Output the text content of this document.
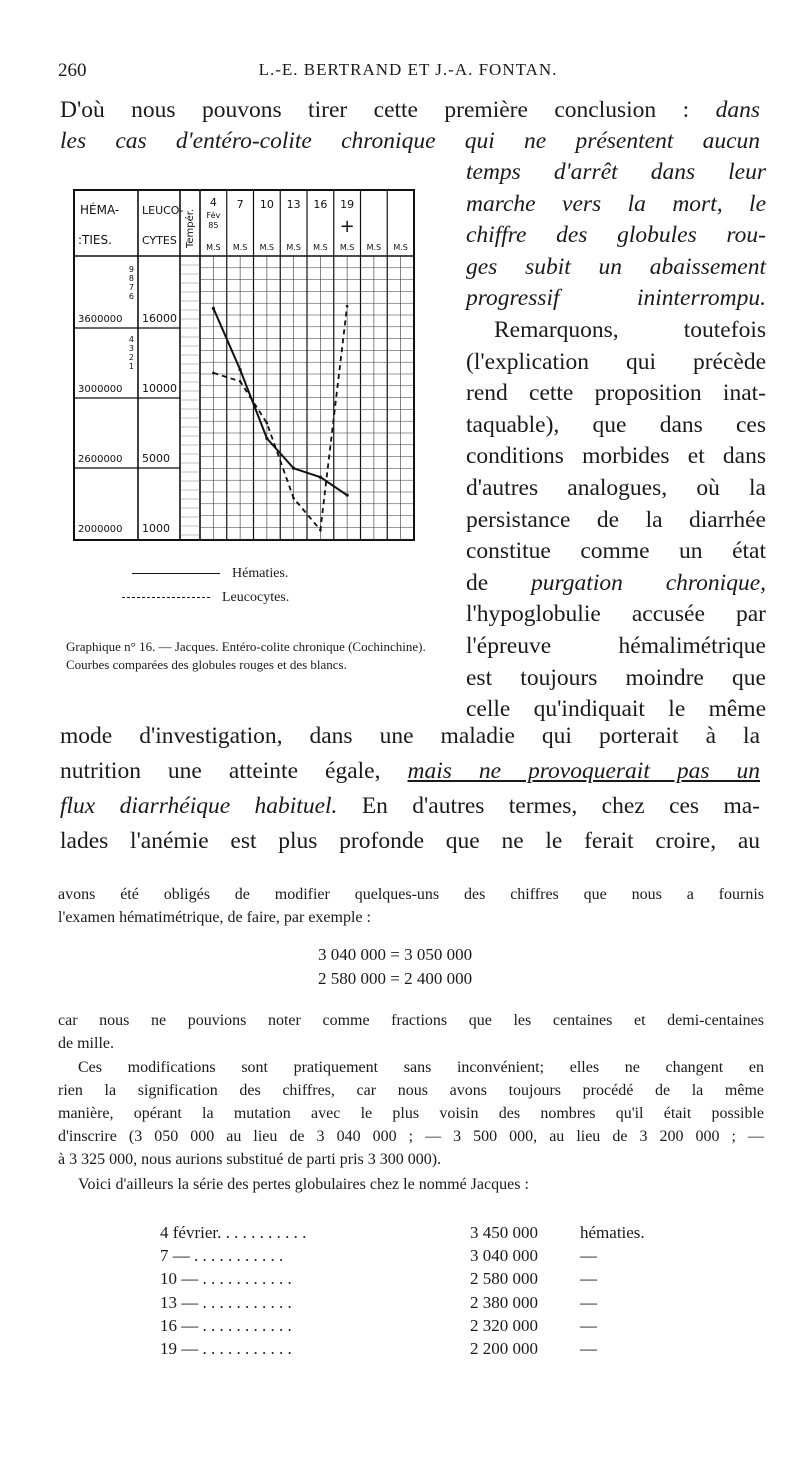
260	L.-E. BERTRAND ET J.-A. FONTAN.
D'où nous pouvons tirer cette première conclusion : dans
les cas d'entéro-colite chronique qui ne présentent aucun
HÉMA-
:TIES.
LEUCO-
CYTES Tempér.
4
Fév
85
7 10 13 16 19
+
M.S M.S M.S M.S M.S M.S M.S M.S
3600000
3000000
2600000
2000000
16000
10000
5000
1000
9
8
7
6
4
3
2
1
Hématies.
Leucocytes.
Graphique n° 16. — Jacques. Entéro-colite chronique (Cochinchine). Courbes comparées des globules rouges et des blancs.
temps d'arrêt dans leur
marche vers la mort, le
chiffre des globules rou-
ges subit un abaissement
progressif ininterrompu.
Remarquons, toutefois
(l'explication qui précède
rend cette proposition inat-
taquable), que dans ces
conditions morbides et dans
d'autres analogues, où la
persistance de la diarrhée
constitue comme un état
de purgation chronique,
l'hypoglobulie accusée par
l'épreuve hémalimétrique
est toujours moindre que
celle qu'indiquait le même
mode d'investigation, dans une maladie qui porterait à la
nutrition une atteinte égale, mais ne provoquerait pas un
flux diarrhéique habituel. En d'autres termes, chez ces ma-
lades l'anémie est plus profonde que ne le ferait croire, au
avons été obligés de modifier quelques-uns des chiffres que nous a fournis
l'examen hématimétrique, de faire, par exemple :
car nous ne pouvions noter comme fractions que les centaines et demi-centaines
de mille.
Ces modifications sont pratiquement sans inconvénient; elles ne changent en
rien la signification des chiffres, car nous avons toujours procédé de la même
manière, opérant la mutation avec le plus voisin des nombres qu'il était possible
d'inscrire (3 050 000 au lieu de 3 040 000 ; — 3 500 000, au lieu de 3 200 000 ; —
à 3 325 000, nous aurions substitué de parti pris 3 300 000).
Voici d'ailleurs la série des pertes globulaires chez le nommé Jacques :
3 040 000 = 3 050 000
2 580 000 = 2 400 000
4 février. . . . . . . . . . .	3 450 000 hématies.
7 — . . . . . . . . . . .	3 040 000 —
10 — . . . . . . . . . . .	2 580 000 —
13 — . . . . . . . . . . .	2 380 000 —
16 — . . . . . . . . . . .	2 320 000 —
19 — . . . . . . . . . . .	2 200 000 —
